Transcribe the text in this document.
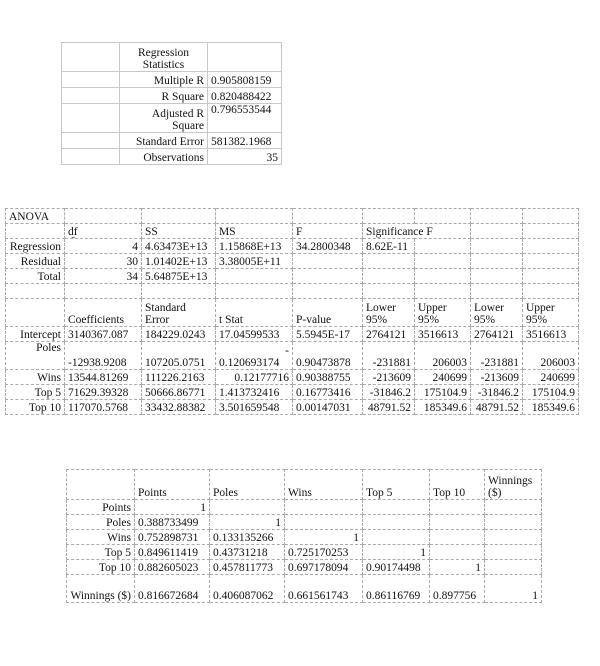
	Regression Statistics	
	Multiple R	0.905808159
	R Square	0.820488422
	Adjusted R Square	0.796553544
	Standard Error	581382.1968
	Observations	35
ANOVA								
	df	SS	MS	F	Significance F			
Regression	4	4.63473E+13	1.15868E+13	34.2800348	8.62E-11			
Residual	30	1.01402E+13	3.38005E+11					
Total	34	5.64875E+13						

	Coefficients	Standard Error	t Stat	P-value	Lower 95%	Upper 95%	Lower 95%	Upper 95%
Intercept	3140367.087	184229.0243	17.04599533	5.5945E-17	2764121	3516613	2764121	3516613
Poles	-12938.9208	107205.0751	-
0.120693174	0.90473878	-231881	206003	-231881	206003
Wins	13544.81269	111226.2163	0.12177716	0.90388755	-213609	240699	-213609	240699
Top 5	71629.39328	50666.86771	1.413732416	0.16773416	-31846.2	175104.9	-31846.2	175104.9
Top 10	117070.5768	33432.88382	3.501659548	0.00147031	48791.52	185349.6	48791.52	185349.6
	Points	Poles	Wins	Top 5	Top 10	Winnings ($)
Points	1					
Poles	0.388733499	1				
Wins	0.752898731	0.133135266	1			
Top 5	0.849611419	0.43731218	0.725170253	1		
Top 10	0.882605023	0.457811773	0.697178094	0.90174498	1	
Winnings ($)	0.816672684	0.406087062	0.661561743	0.86116769	0.897756	1
